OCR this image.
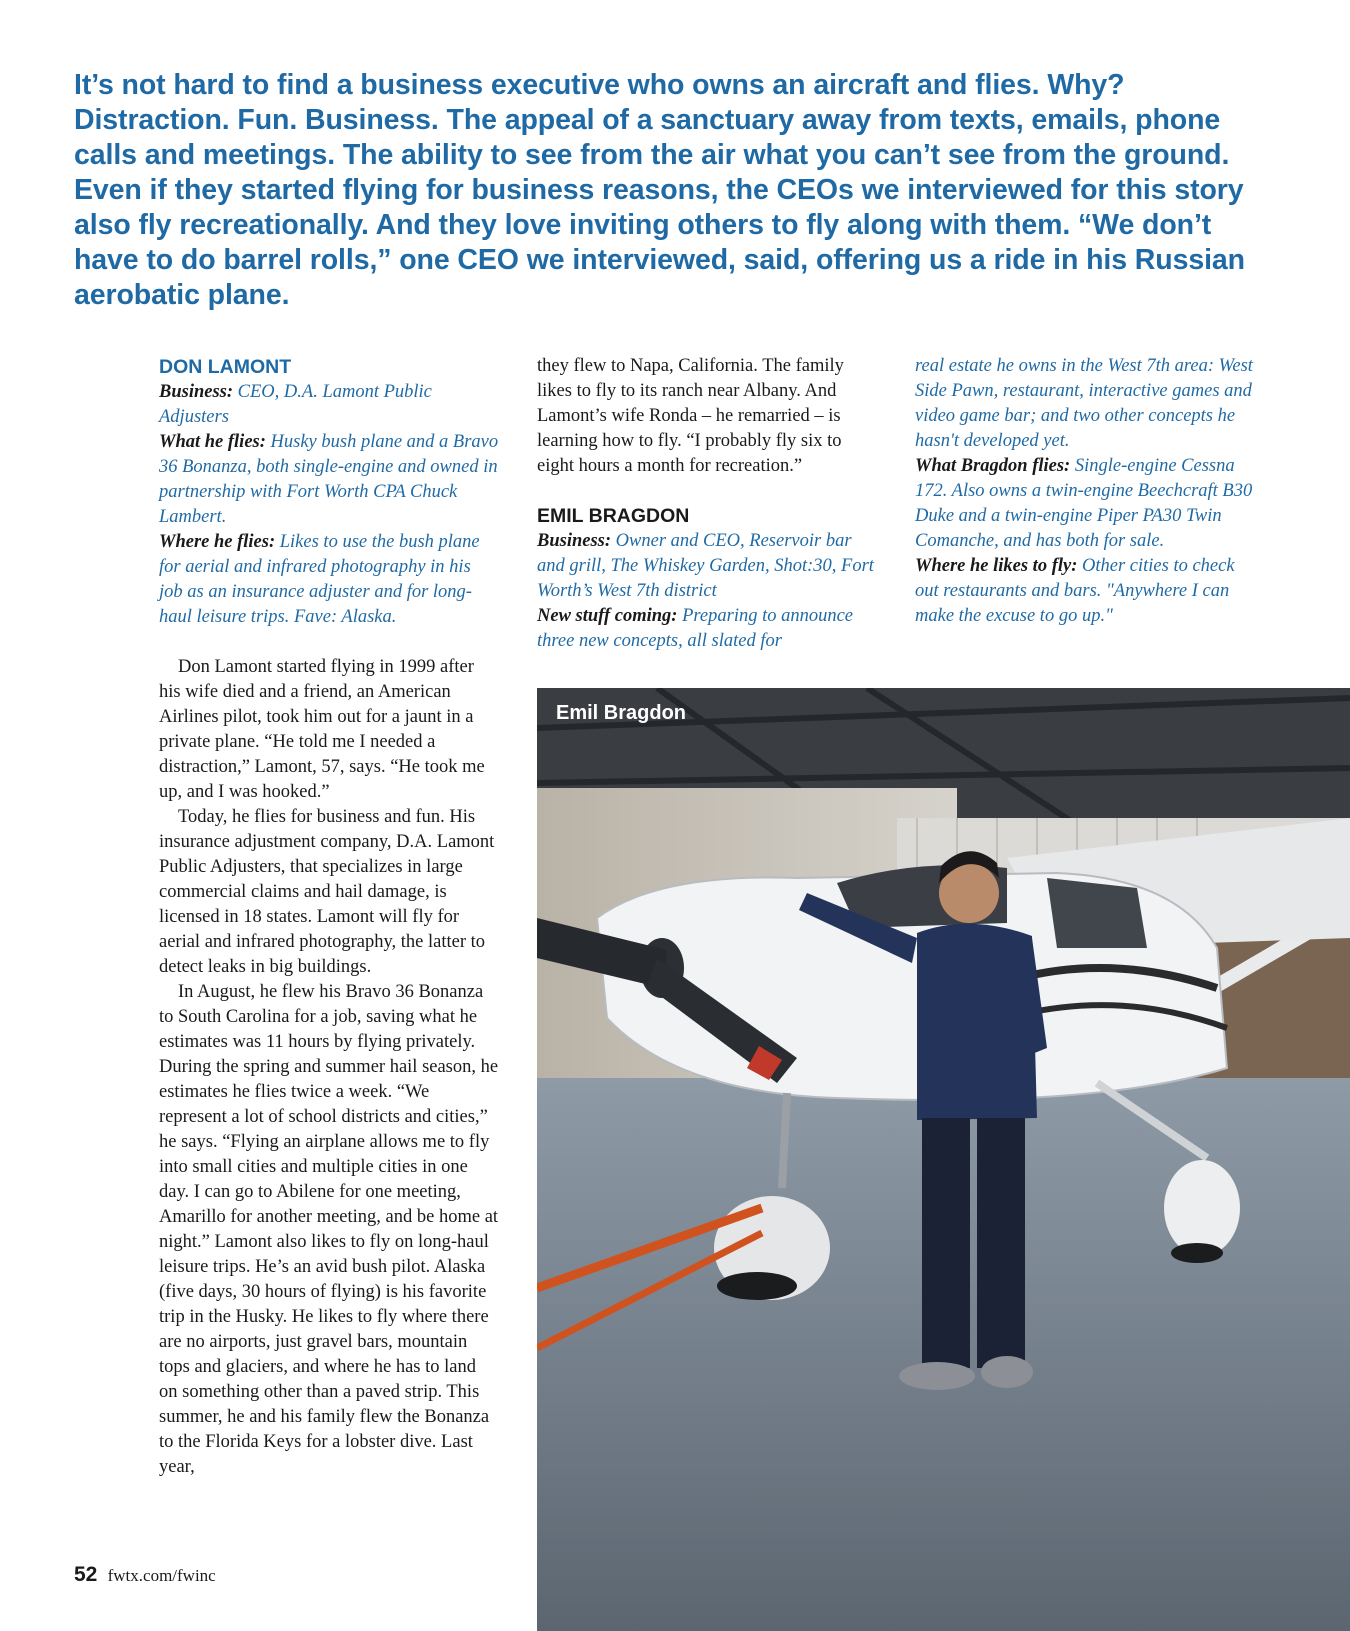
It’s not hard to find a business executive who owns an aircraft and flies. Why? Distraction. Fun. Business. The appeal of a sanctuary away from texts, emails, phone calls and meetings. The ability to see from the air what you can’t see from the ground. Even if they started flying for business reasons, the CEOs we interviewed for this story also fly recreationally. And they love inviting others to fly along with them. “We don’t have to do barrel rolls,” one CEO we interviewed, said, offering us a ride in his Russian aerobatic plane.

DON LAMONT

Business: CEO, D.A. Lamont Public Adjusters

What he flies: Husky bush plane and a Bravo 36 Bonanza, both single-engine and owned in partnership with Fort Worth CPA Chuck Lambert.

Where he flies: Likes to use the bush plane for aerial and infrared photography in his job as an insurance adjuster and for long-haul leisure trips. Fave: Alaska.

Don Lamont started flying in 1999 after his wife died and a friend, an American Airlines pilot, took him out for a jaunt in a private plane. “He told me I needed a distraction,” Lamont, 57, says. “He took me up, and I was hooked.”

Today, he flies for business and fun. His insurance adjustment company, D.A. Lamont Public Adjusters, that specializes in large commercial claims and hail damage, is licensed in 18 states. Lamont will fly for aerial and infrared photography, the latter to detect leaks in big buildings.

In August, he flew his Bravo 36 Bonanza to South Carolina for a job, saving what he estimates was 11 hours by flying privately. During the spring and summer hail season, he estimates he flies twice a week. “We represent a lot of school districts and cities,” he says. “Flying an airplane allows me to fly into small cities and multiple cities in one day. I can go to Abilene for one meeting, Amarillo for another meeting, and be home at night.” Lamont also likes to fly on long-haul leisure trips. He’s an avid bush pilot. Alaska (five days, 30 hours of flying) is his favorite trip in the Husky. He likes to fly where there are no airports, just gravel bars, mountain tops and glaciers, and where he has to land on something other than a paved strip. This summer, he and his family flew the Bonanza to the Florida Keys for a lobster dive. Last year,

they flew to Napa, California. The family likes to fly to its ranch near Albany. And Lamont’s wife Ronda – he remarried – is learning how to fly. “I probably fly six to eight hours a month for recreation.”

EMIL BRAGDON

Business: Owner and CEO, Reservoir bar and grill, The Whiskey Garden, Shot:30, Fort Worth’s West 7th district

New stuff coming: Preparing to announce three new concepts, all slated for

real estate he owns in the West 7th area: West Side Pawn, restaurant, interactive games and video game bar; and two other concepts he hasn't developed yet.

What Bragdon flies: Single-engine Cessna 172. Also owns a twin-engine Beechcraft B30 Duke and a twin-engine Piper PA30 Twin Comanche, and has both for sale.

Where he likes to fly: Other cities to check out restaurants and bars. "Anywhere I can make the excuse to go up."

Emil Bragdon
52 fwtx.com/fwinc
